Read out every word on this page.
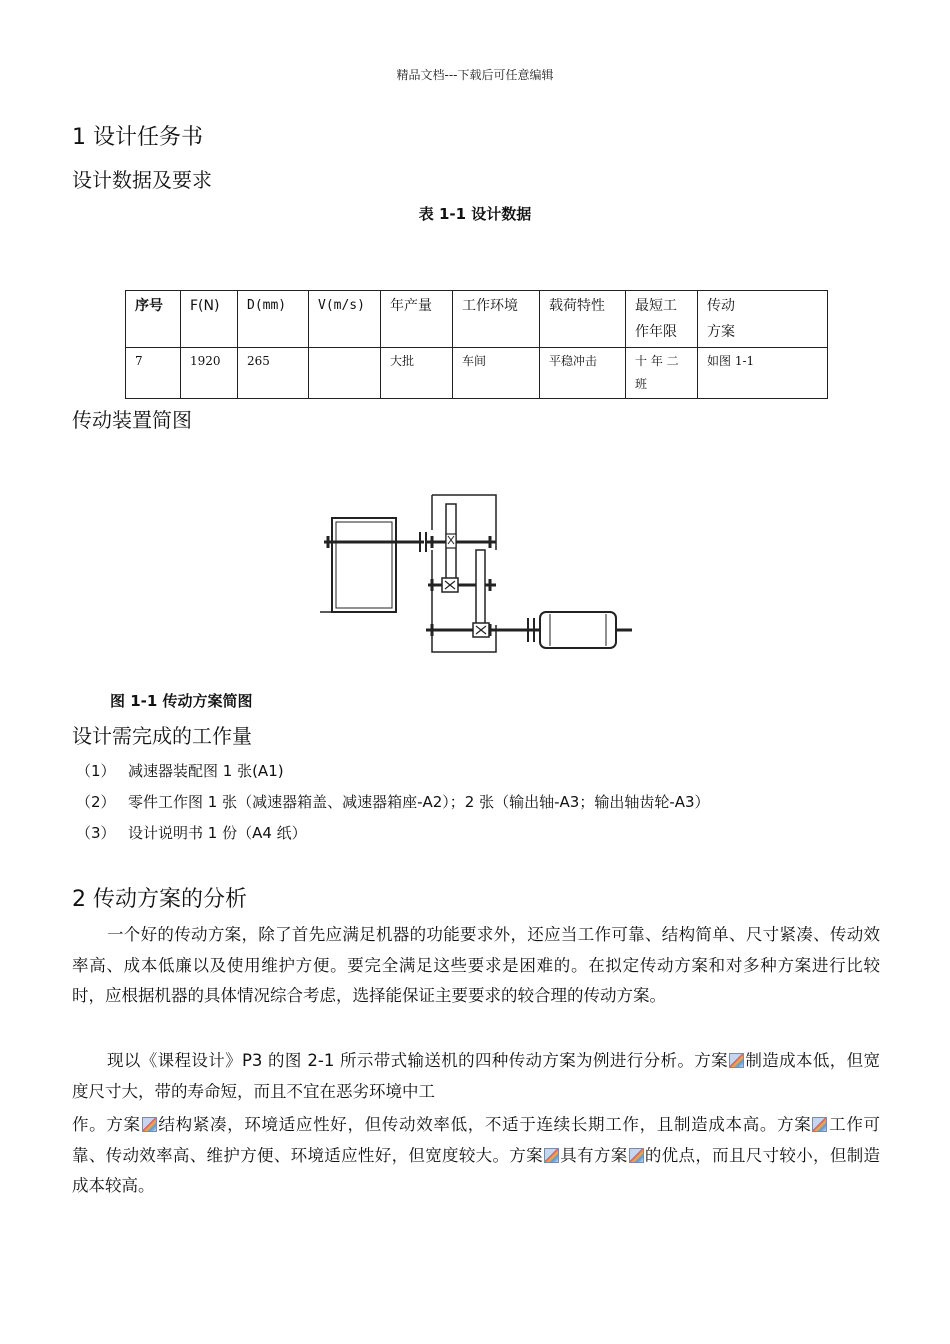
精品文档---下载后可任意编辑
1 设计任务书
设计数据及要求
表 1-1 设计数据
序号	F(N)	D(mm)	V(m/s)	年产量	工作环境	载荷特性	最短工作年限	传动方案
7	1920	265		大批	车间	平稳冲击	十 年 二 班	如图 1-1
传动装置简图
图 1-1 传动方案简图
设计需完成的工作量
（1） 减速器装配图 1 张(A1)
（2） 零件工作图 1 张（减速器箱盖、减速器箱座-A2）；2 张（输出轴-A3；输出轴齿轮-A3）
（3） 设计说明书 1 份（A4 纸）
2 传动方案的分析

一个好的传动方案，除了首先应满足机器的功能要求外，还应当工作可靠、结构简单、尺寸紧凑、传动效率高、成本低廉以及使用维护方便。要完全满足这些要求是困难的。在拟定传动方案和对多种方案进行比较时，应根据机器的具体情况综合考虑，选择能保证主要要求的较合理的传动方案。

现以《课程设计》P3 的图 2-1 所示带式输送机的四种传动方案为例进行分析。方案 制造成本低，但宽度尺寸大，带的寿命短，而且不宜在恶劣环境中工

作。方案 结构紧凑，环境适应性好，但传动效率低，不适于连续长期工作，且制造成本高。方案 工作可靠、传动效率高、维护方便、环境适应性好，但宽度较大。方案 具有方案 的优点，而且尺寸较小，但制造成本较高。
